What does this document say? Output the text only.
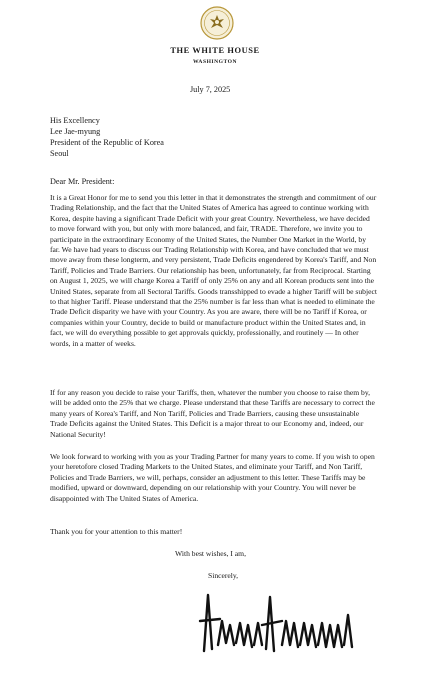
THE WHITE HOUSE
WASHINGTON
July 7, 2025
His Excellency
Lee Jae-myung
President of the Republic of Korea
Seoul
Dear Mr. President:

It is a Great Honor for me to send you this letter in that it demonstrates the strength and commitment of our Trading Relationship, and the fact that the United States of America has agreed to continue working with Korea, despite having a significant Trade Deficit with your great Country. Nevertheless, we have decided to move forward with you, but only with more balanced, and fair, TRADE. Therefore, we invite you to participate in the extraordinary Economy of the United States, the Number One Market in the World, by far. We have had years to discuss our Trading Relationship with Korea, and have concluded that we must move away from these longterm, and very persistent, Trade Deficits engendered by Korea's Tariff, and Non Tariff, Policies and Trade Barriers. Our relationship has been, unfortunately, far from Reciprocal. Starting on August 1, 2025, we will charge Korea a Tariff of only 25% on any and all Korean products sent into the United States, separate from all Sectoral Tariffs. Goods transshipped to evade a higher Tariff will be subject to that higher Tariff. Please understand that the 25% number is far less than what is needed to eliminate the Trade Deficit disparity we have with your Country. As you are aware, there will be no Tariff if Korea, or companies within your Country, decide to build or manufacture product within the United States and, in fact, we will do everything possible to get approvals quickly, professionally, and routinely — In other words, in a matter of weeks.

If for any reason you decide to raise your Tariffs, then, whatever the number you choose to raise them by, will be added onto the 25% that we charge. Please understand that these Tariffs are necessary to correct the many years of Korea's Tariff, and Non Tariff, Policies and Trade Barriers, causing these unsustainable Trade Deficits against the United States. This Deficit is a major threat to our Economy and, indeed, our National Security!

We look forward to working with you as your Trading Partner for many years to come. If you wish to open your heretofore closed Trading Markets to the United States, and eliminate your Tariff, and Non Tariff, Policies and Trade Barriers, we will, perhaps, consider an adjustment to this letter. These Tariffs may be modified, upward or downward, depending on our relationship with your Country. You will never be disappointed with The United States of America.

Thank you for your attention to this matter!
With best wishes, I am,
Sincerely,
